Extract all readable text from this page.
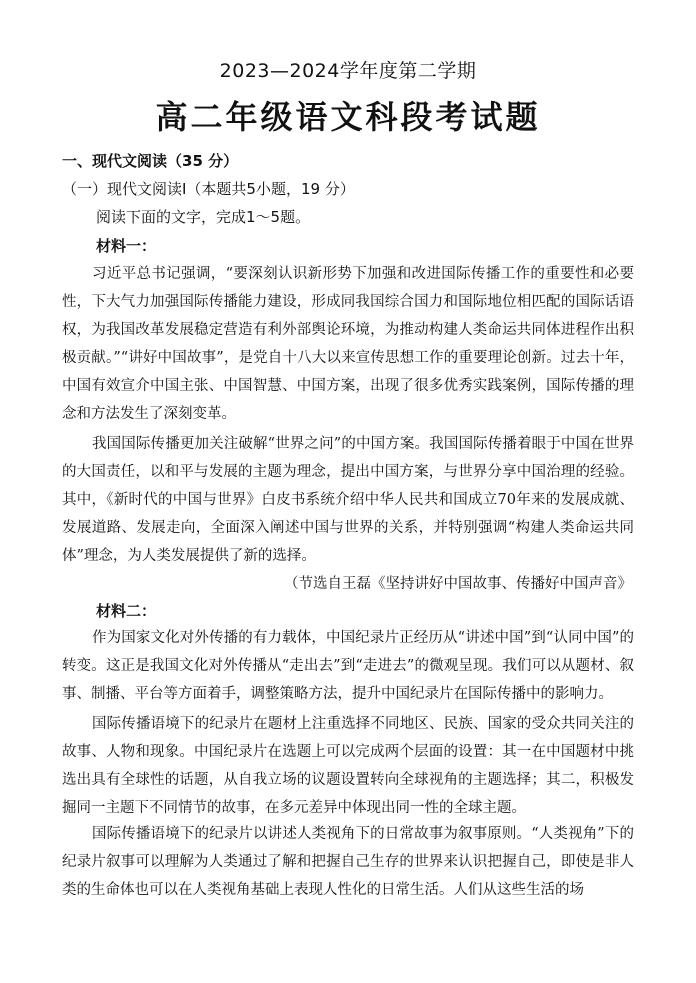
2023—2024学年度第二学期
高二年级语文科段考试题
一、现代文阅读（35 分）
（一）现代文阅读Ⅰ（本题共5小题，19 分）
阅读下面的文字，完成1～5题。
材料一：

习近平总书记强调，“要深刻认识新形势下加强和改进国际传播工作的重要性和必要性，下大气力加强国际传播能力建设，形成同我国综合国力和国际地位相匹配的国际话语权，为我国改革发展稳定营造有利外部舆论环境，为推动构建人类命运共同体进程作出积极贡献。”“讲好中国故事”，是党自十八大以来宣传思想工作的重要理论创新。过去十年，中国有效宣介中国主张、中国智慧、中国方案，出现了很多优秀实践案例，国际传播的理念和方法发生了深刻变革。

我国国际传播更加关注破解“世界之问”的中国方案。我国国际传播着眼于中国在世界的大国责任，以和平与发展的主题为理念，提出中国方案，与世界分享中国治理的经验。其中，《新时代的中国与世界》白皮书系统介绍中华人民共和国成立70年来的发展成就、发展道路、发展走向，全面深入阐述中国与世界的关系，并特别强调“构建人类命运共同体”理念，为人类发展提供了新的选择。

（节选自王磊《坚持讲好中国故事、传播好中国声音》
材料二：

作为国家文化对外传播的有力载体，中国纪录片正经历从“讲述中国”到“认同中国”的转变。这正是我国文化对外传播从“走出去”到“走进去”的微观呈现。我们可以从题材、叙事、制播、平台等方面着手，调整策略方法，提升中国纪录片在国际传播中的影响力。

国际传播语境下的纪录片在题材上注重选择不同地区、民族、国家的受众共同关注的故事、人物和现象。中国纪录片在选题上可以完成两个层面的设置：其一在中国题材中挑选出具有全球性的话题，从自我立场的议题设置转向全球视角的主题选择；其二，积极发掘同一主题下不同情节的故事，在多元差异中体现出同一性的全球主题。

国际传播语境下的纪录片以讲述人类视角下的日常故事为叙事原则。“人类视角”下的纪录片叙事可以理解为人类通过了解和把握自己生存的世界来认识把握自己，即使是非人类的生命体也可以在人类视角基础上表现人性化的日常生活。人们从这些生活的场
